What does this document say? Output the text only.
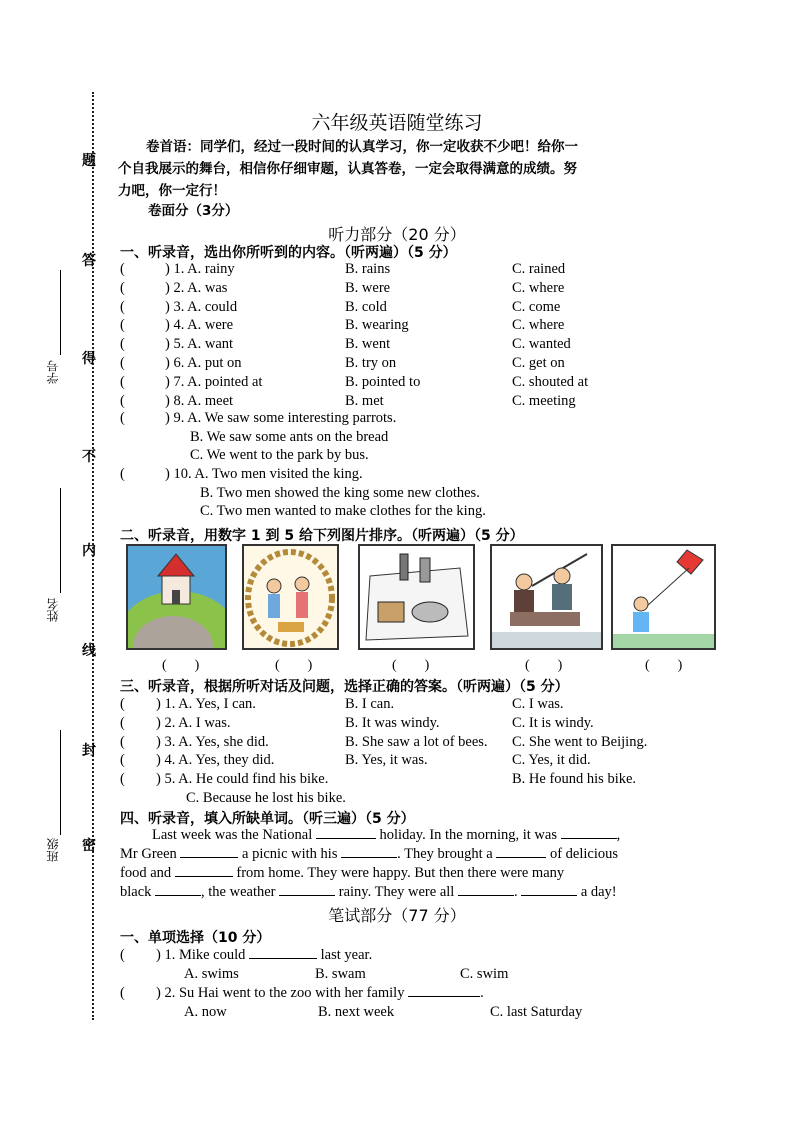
题
答
得
不
内
线
封
密
学号
姓名
班级
六年级英语随堂练习
卷首语：同学们，经过一段时间的认真学习，你一定收获不少吧！给你一
个自我展示的舞台，相信你仔细审题，认真答卷，一定会取得满意的成绩。努
力吧，你一定行！
卷面分（3分）
听力部分（20 分）
一、听录音，选出你所听到的内容。（听两遍）（5 分）
(	) 1. A. rainy	B. rains	C. rained
(	) 2. A. was	B. were	C. where
(	) 3. A. could	B. cold	C. come
(	) 4. A. were	B. wearing	C. where
(	) 5. A. want	B. went	C. wanted
(	) 6. A. put on	B. try on	C. get on
(	) 7. A. pointed at	B. pointed to	C. shouted at
(	) 8. A. meet	B. met	C. meeting
(	) 9. A. We saw some interesting parrots.
B. We saw some ants on the bread
C. We went to the park by bus.
(	) 10. A. Two men visited the king.
B. Two men showed the king some new clothes.
C. Two men wanted to make clothes for the king.
二、听录音，用数字 1 到 5 给下列图片排序。（听两遍）（5 分）
(　　)	(　　)	(　　)	(　　)	(　　)
三、听录音，根据所听对话及问题，选择正确的答案。（听两遍）（5 分）
( ) 1. A. Yes, I can.	B. I can.	C. I was.
( ) 2. A. I was.	B. It was windy.	C. It is windy.
( ) 3. A. Yes, she did.	B. She saw a lot of bees. C. She went to Beijing.
( ) 4. A. Yes, they did.	B. Yes, it was.	C. Yes, it did.
( ) 5. A. He could find his bike.	B. He found his bike.
C. Because he lost his bike.
四、听录音，填入所缺单词。（听三遍）（5 分）
Last week was the National	holiday. In the morning, it was	,
Mr Green	a picnic with his	. They brought a	of delicious
food and	from home. They were happy. But then there were many
black	, the weather	rainy. They were all	.	a day!
笔试部分（77 分）
一、单项选择（10 分）
( ) 1. Mike could	last year.
A. swims	B. swam	C. swim
( ) 2. Su Hai went to the zoo with her family	.
A. now	B. next week	C. last Saturday
